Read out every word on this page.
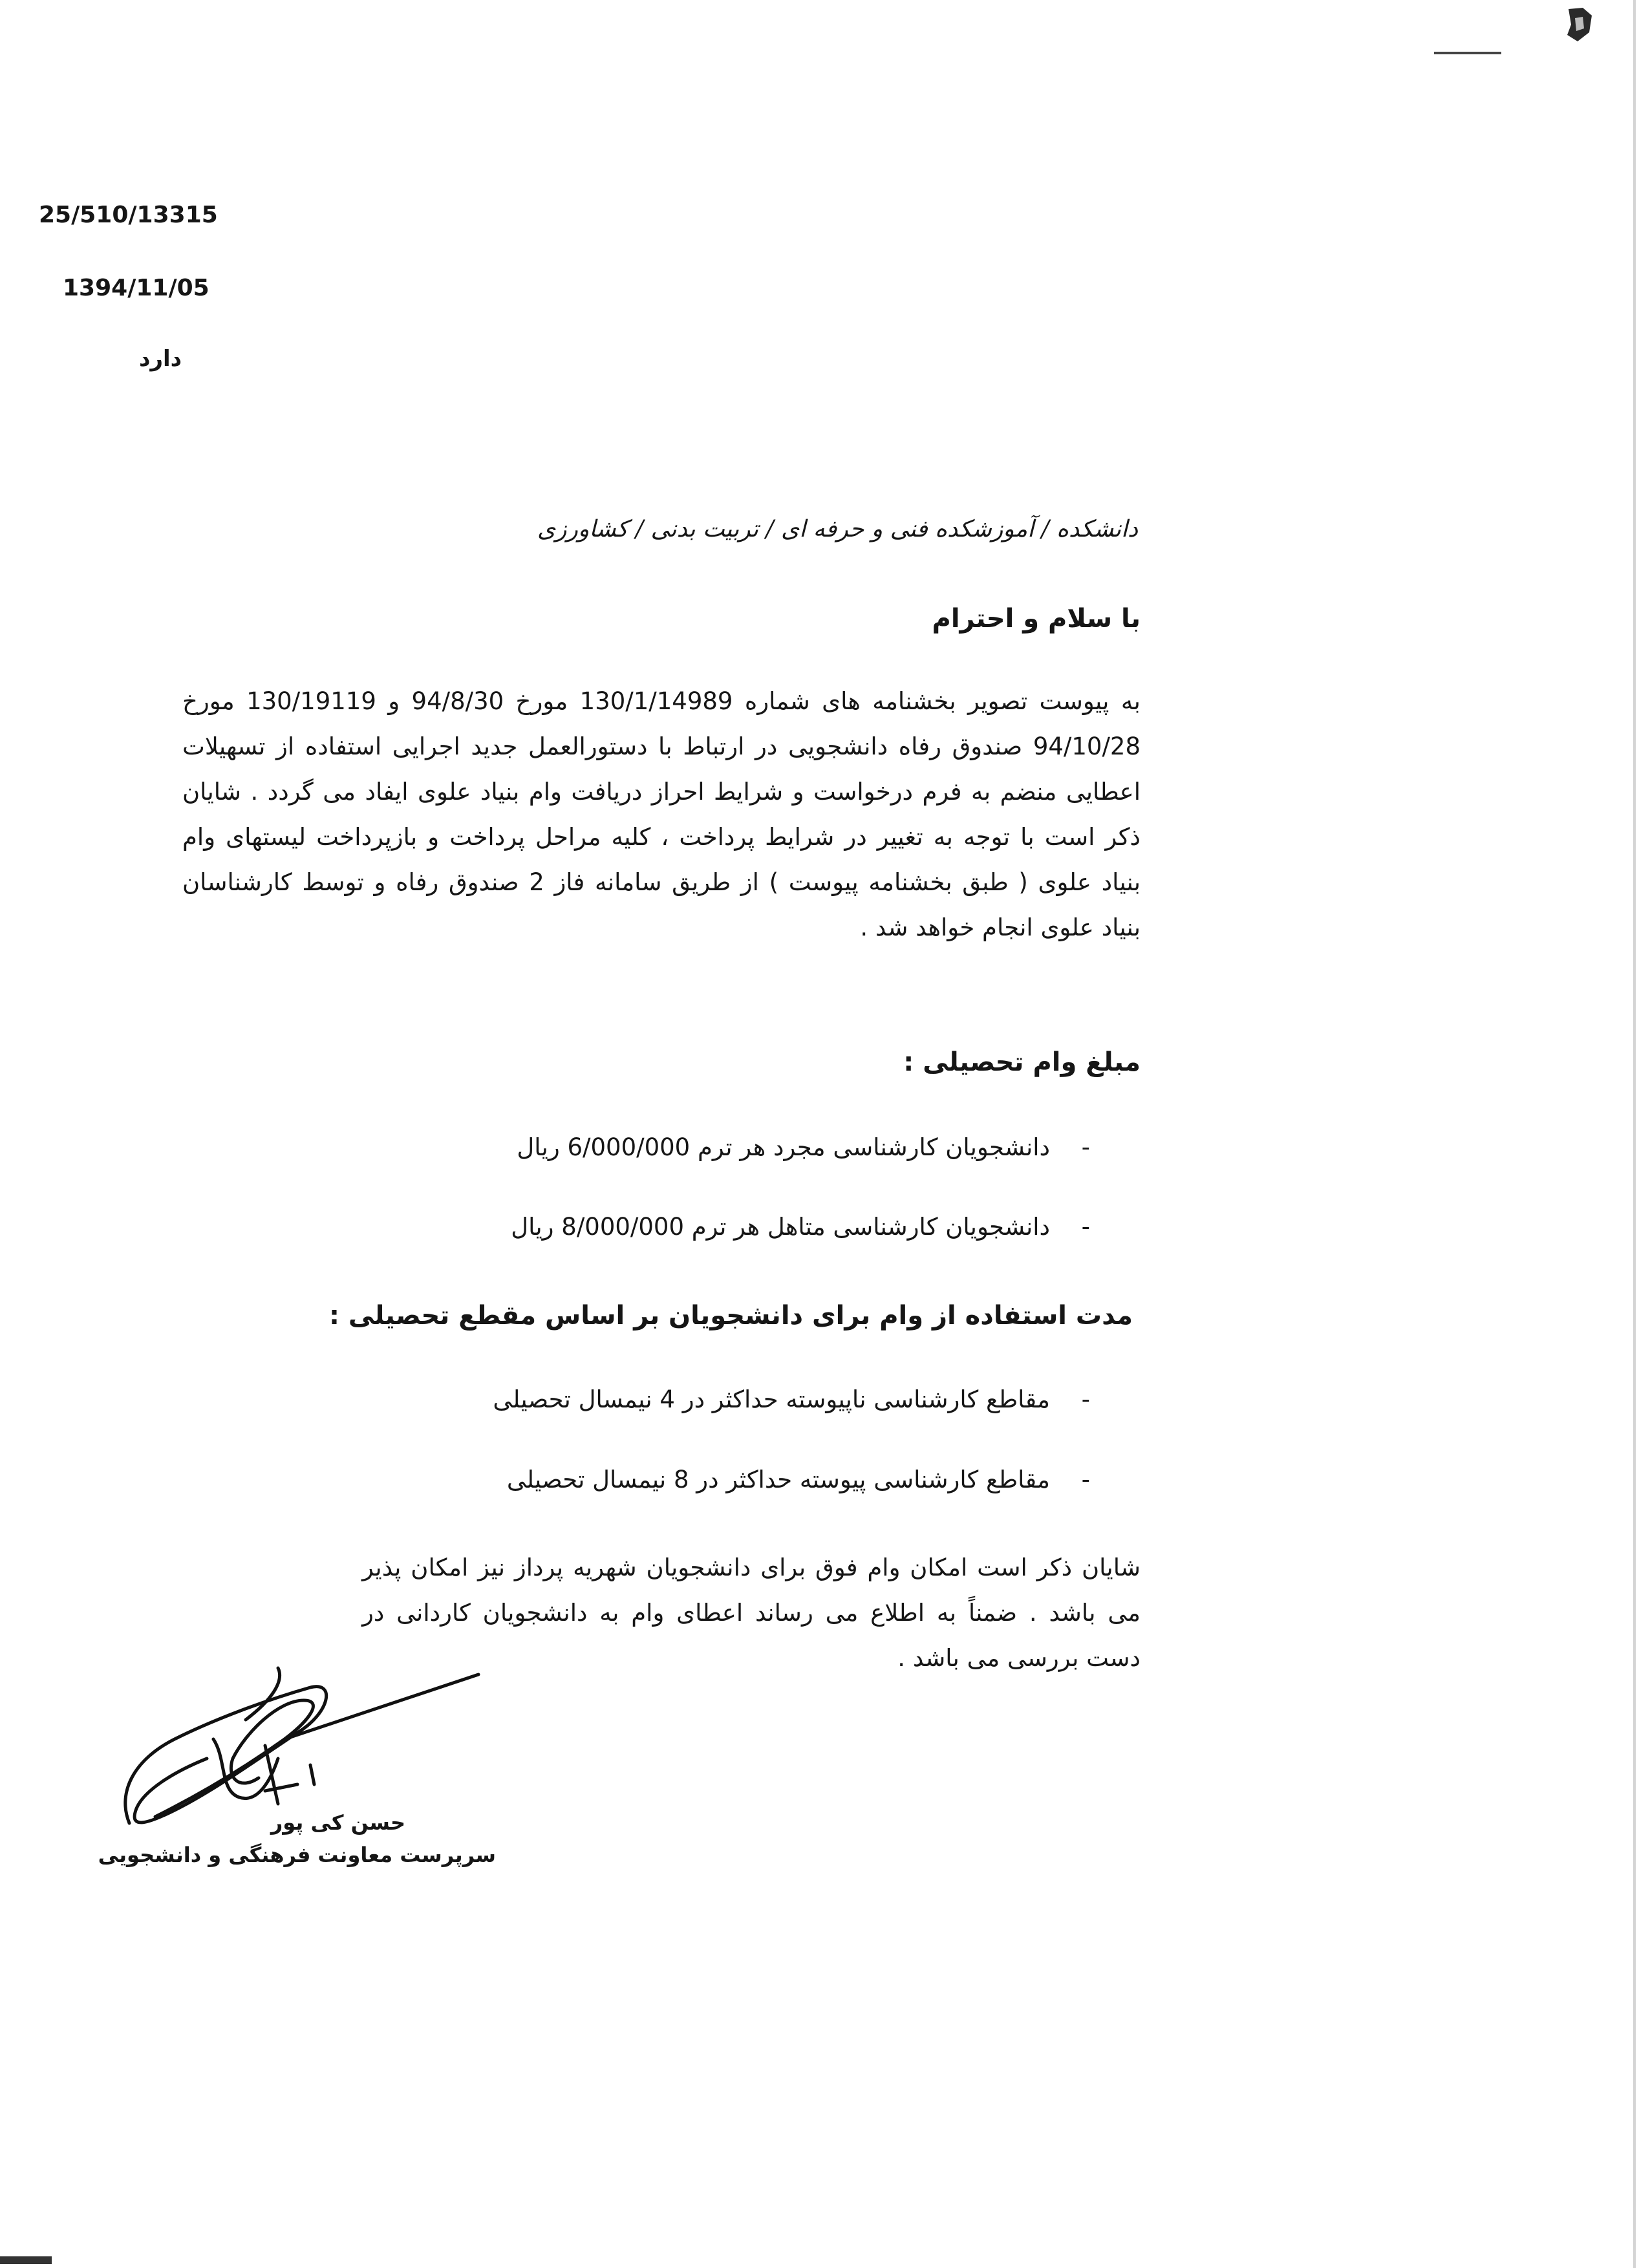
25/510/13315
1394/11/05
دارد
دانشکده / آموزشکده فنی و حرفه ای / تربیت بدنی / کشاورزی
با سلام و احترام
به پیوست تصویر بخشنامه های شماره 130/1/14989 مورخ 94/8/30 و 130/19119 مورخ 94/10/28 صندوق رفاه دانشجویی در ارتباط با دستورالعمل جدید اجرایی استفاده از تسهیلات اعطایی منضم به فرم درخواست و شرایط احراز دریافت وام بنیاد علوی ایفاد می گردد . شایان ذکر است با توجه به تغییر در شرایط پرداخت ، کلیه مراحل پرداخت و بازپرداخت لیستهای وام بنیاد علوی ( طبق بخشنامه پیوست ) از طریق سامانه فاز 2 صندوق رفاه و توسط کارشناسان بنیاد علوی انجام خواهد شد .
مبلغ وام تحصیلی :
-
دانشجویان کارشناسی مجرد هر ترم 6/000/000 ریال
-
دانشجویان کارشناسی متاهل هر ترم 8/000/000 ریال
مدت استفاده از وام برای دانشجویان بر اساس مقطع تحصیلی :
-
مقاطع کارشناسی ناپیوسته حداکثر در 4 نیمسال تحصیلی
-
مقاطع کارشناسی پیوسته حداکثر در 8 نیمسال تحصیلی
شایان ذکر است امکان وام فوق برای دانشجویان شهریه پرداز نیز امکان پذیر می باشد . ضمناً به اطلاع می رساند اعطای وام به دانشجویان کاردانی در دست بررسی می باشد .
حسن کی پور
سرپرست معاونت فرهنگی و دانشجویی
